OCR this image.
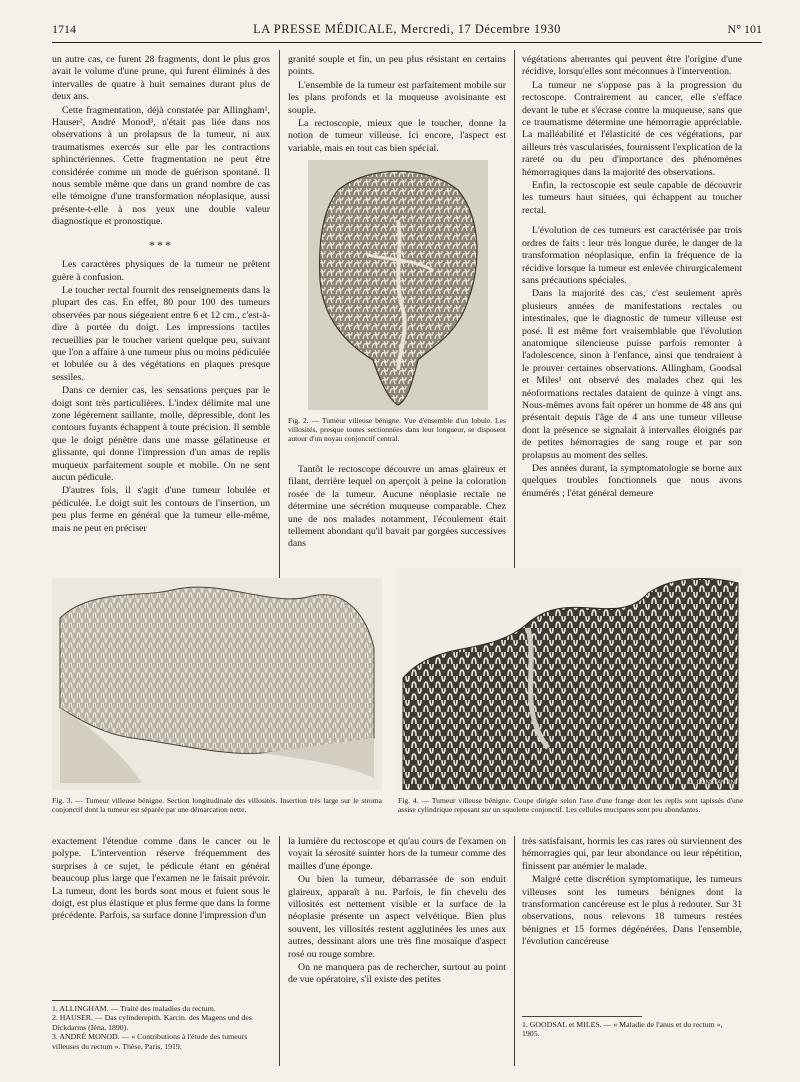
1714	LA PRESSE MÉDICALE, Mercredi, 17 Décembre 1930	N° 101

un autre cas, ce furent 28 fragments, dont le plus gros avait le volume d'une prune, qui furent éliminés à des intervalles de quatre à huit semaines durant plus de deux ans.

Cette fragmentation, déjà constatée par Allingham¹, Hauser², André Monod³, n'était pas liée dans nos observations à un prolapsus de la tumeur, ni aux traumatismes exercés sur elle par les contractions sphinctériennes. Cette fragmentation ne peut être considérée comme un mode de guérison spontané. Il nous semble même que dans un grand nombre de cas elle témoigne d'une transformation néoplasique, aussi présente-t-elle à nos yeux une double valeur diagnostique et pronostique.

***

Les caractères physiques de la tumeur ne prêtent guère à confusion.

Le toucher rectal fournit des renseignements dans la plupart des cas. En effet, 80 pour 100 des tumeurs observées par nous siégeaient entre 6 et 12 cm., c'est-à-dire à portée du doigt. Les impressions tactiles recueillies par le toucher varient quelque peu, suivant que l'on a affaire à une tumeur plus ou moins pédiculée et lobulée ou à des végétations en plaques presque sessiles.

Dans ce dernier cas, les sensations perçues par le doigt sont très particulières. L'index délimite mal une zone légèrement saillante, molle, dépressible, dont les contours fuyants échappent à toute précision. Il semble que le doigt pénètre dans une masse gélatineuse et glissante, qui donne l'impression d'un amas de replis muqueux parfaitement souple et mobile. On ne sent aucun pédicule.

D'autres fois, il s'agit d'une tumeur lobulée et pédiculée. Le doigt suit les contours de l'insertion, un peu plus ferme en général que la tumeur elle-même, mais ne peut en préciser

granité souple et fin, un peu plus résistant en certains points.

L'ensemble de la tumeur est parfaitement mobile sur les plans profonds et la muqueuse avoisinante est souple.

La rectoscopie, mieux que le toucher, donne la notion de tumeur villeuse. Ici encore, l'aspect est variable, mais en tout cas bien spécial.

Fig. 2. — Tumeur villeuse bénigne. Vue d'ensemble d'un lobule. Les villosités, presque toutes sectionnées dans leur longueur, se disposent autour d'un noyau conjonctif central.

Tantôt le rectoscope découvre un amas glaireux et filant, derrière lequel on aperçoit à peine la coloration rosée de la tumeur. Aucune néoplasie rectale ne détermine une sécrétion muqueuse comparable. Chez une de nos malades notamment, l'écoulement était tellement abondant qu'il bavait par gorgées successives dans

végétations aberrantes qui peuvent être l'origine d'une récidive, lorsqu'elles sont méconnues à l'intervention.

La tumeur ne s'oppose pas à la progression du rectoscope. Contrairement au cancer, elle s'efface devant le tube et s'écrase contre la muqueuse, sans que ce traumatisme détermine une hémorragie appréciable. La malléabilité et l'élasticité de ces végétations, par ailleurs très vascularisées, fournissent l'explication de la rareté ou du peu d'importance des phénomènes hémorragiques dans la majorité des observations.

Enfin, la rectoscopie est seule capable de découvrir les tumeurs haut situées, qui échappent au toucher rectal.

L'évolution de ces tumeurs est caractérisée par trois ordres de faits : leur très longue durée, le danger de la transformation néoplasique, enfin la fréquence de la récidive lorsque la tumeur est enlevée chirurgicalement sans précautions spéciales.

Dans la majorité des cas, c'est seulement après plusieurs années de manifestations rectales ou intestinales, que le diagnostic de tumeur villeuse est posé. Il est même fort vraisemblable que l'évolution anatomique silencieuse puisse parfois remonter à l'adolescence, sinon à l'enfance, ainsi que tendraient à le prouver certaines observations. Allingham, Goodsal et Miles¹ ont observé des malades chez qui les néoformations rectales dataient de quinze à vingt ans. Nous-mêmes avons fait opérer un homme de 48 ans qui présentait depuis l'âge de 4 ans une tumeur villeuse dont la présence se signalait à intervalles éloignés par de petites hémorragies de sang rouge et par son prolapsus au moment des selles.

Des années durant, la symptomatologie se borne aux quelques troubles fonctionnels que nous avons énumérés ; l'état général demeure

G. CONSTANTIN
Fig. 3. — Tumeur villeuse bénigne. Section longitudinale des villosités. Insertion très large sur le stroma conjonctif dont la tumeur est séparée par une démarcation nette.
Fig. 4. — Tumeur villeuse bénigne. Coupe dirigée selon l'axe d'une frange dont les replis sont tapissés d'une assise cylindrique reposant sur un squelette conjonctif. Les cellules mucipares sont peu abondantes.

exactement l'étendue comme dans le cancer ou le polype. L'intervention réserve fréquemment des surprises à ce sujet, le pédicule étant en général beaucoup plus large que l'examen ne le faisait prévoir. La tumeur, dont les bords sont mous et fuient sous le doigt, est plus élastique et plus ferme que dans la forme précédente. Parfois, sa surface donne l'impression d'un

la lumière du rectoscope et qu'au cours de l'examen on voyait la sérosité suinter hors de la tumeur comme des mailles d'une éponge.

Ou bien la tumeur, débarrassée de son enduit glaireux, apparaît à nu. Parfois, le fin chevelu des villosités est nettement visible et la surface de la néoplasie présente un aspect velvétique. Bien plus souvent, les villosités restent agglutinées les unes aux autres, dessinant alors une très fine mosaïque d'aspect rosé ou rouge sombre.

On ne manquera pas de rechercher, surtout au point de vue opératoire, s'il existe des petites

très satisfaisant, hormis les cas rares où surviennent des hémorragies qui, par leur abondance ou leur répétition, finissent par anémier le malade.

Malgré cette discrétion symptomatique, les tumeurs villeuses sont les tumeurs bénignes dont la transformation cancéreuse est le plus à redouter. Sur 31 observations, nous relevons 18 tumeurs restées bénignes et 15 formes dégénérées. Dans l'ensemble, l'évolution cancéreuse

1. ALLINGHAM. — Traité des maladies du rectum.
2. HAUSER. — Das cylinderepith. Karcin. des Magens und des Dickdarms (Iéna, 1890).
3. ANDRÉ MONOD. — « Contributions à l'étude des tumeurs villeuses du rectum ». Thèse, Paris, 1919.
1. GOODSAL et MILES. — « Maladie de l'anus et du rectum », 1905.
